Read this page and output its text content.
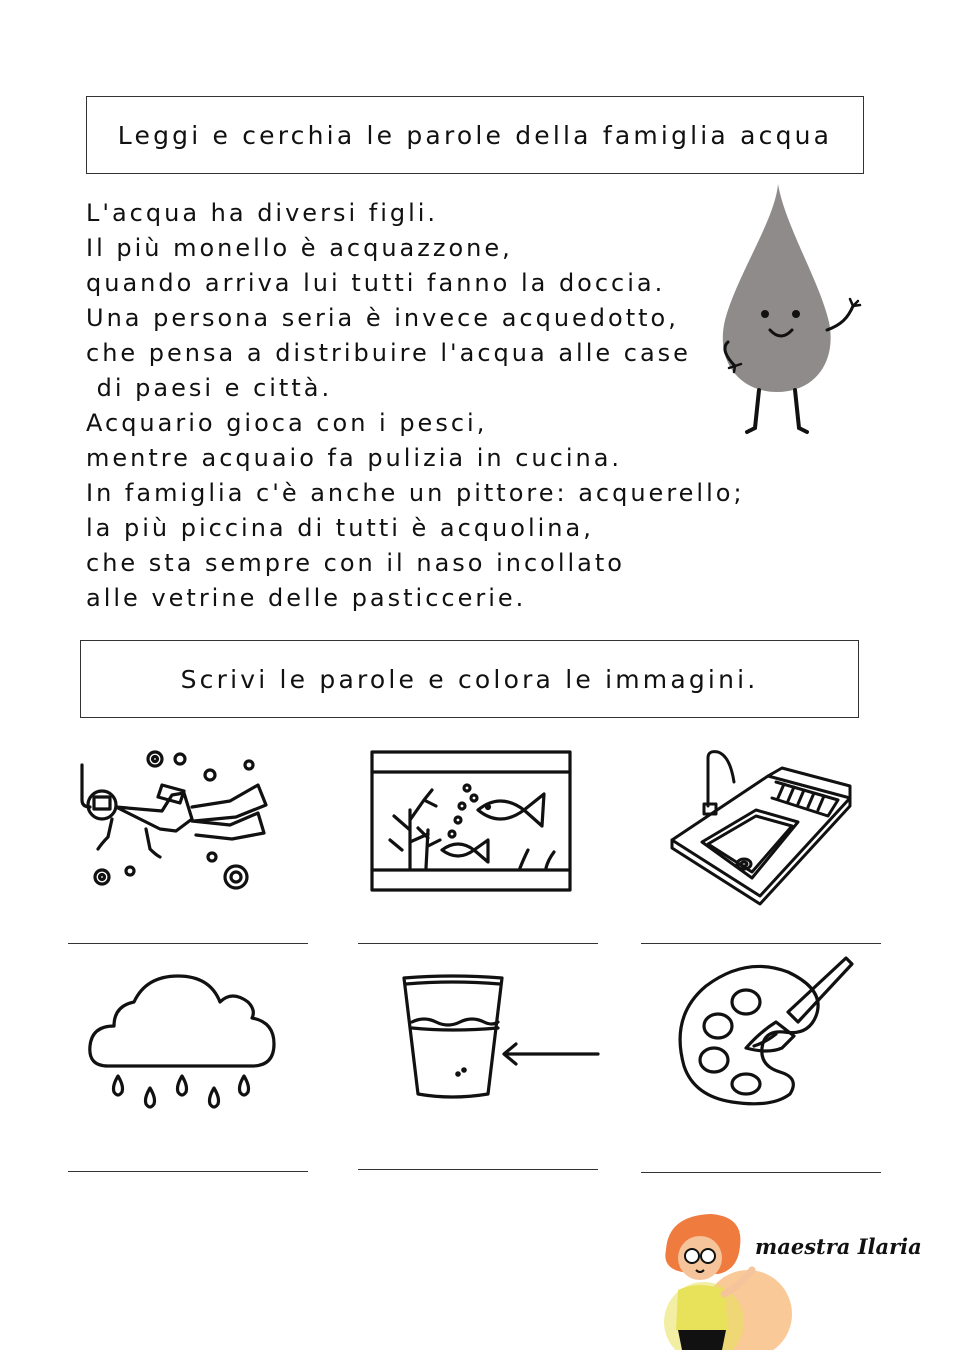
Leggi e cerchia le parole della famiglia acqua
L'acqua ha diversi figli.
Il più monello è acquazzone,
quando arriva lui tutti fanno la doccia.
Una persona seria è invece acquedotto,
che pensa a distribuire l'acqua alle case
di paesi e città.
Acquario gioca con i pesci,
mentre acquaio fa pulizia in cucina.
In famiglia c'è anche un pittore: acquerello;
la più piccina di tutti è acquolina,
che sta sempre con il naso incollato
alle vetrine delle pasticcerie.
Scrivi le parole e colora le immagini.
maestra Ilaria
